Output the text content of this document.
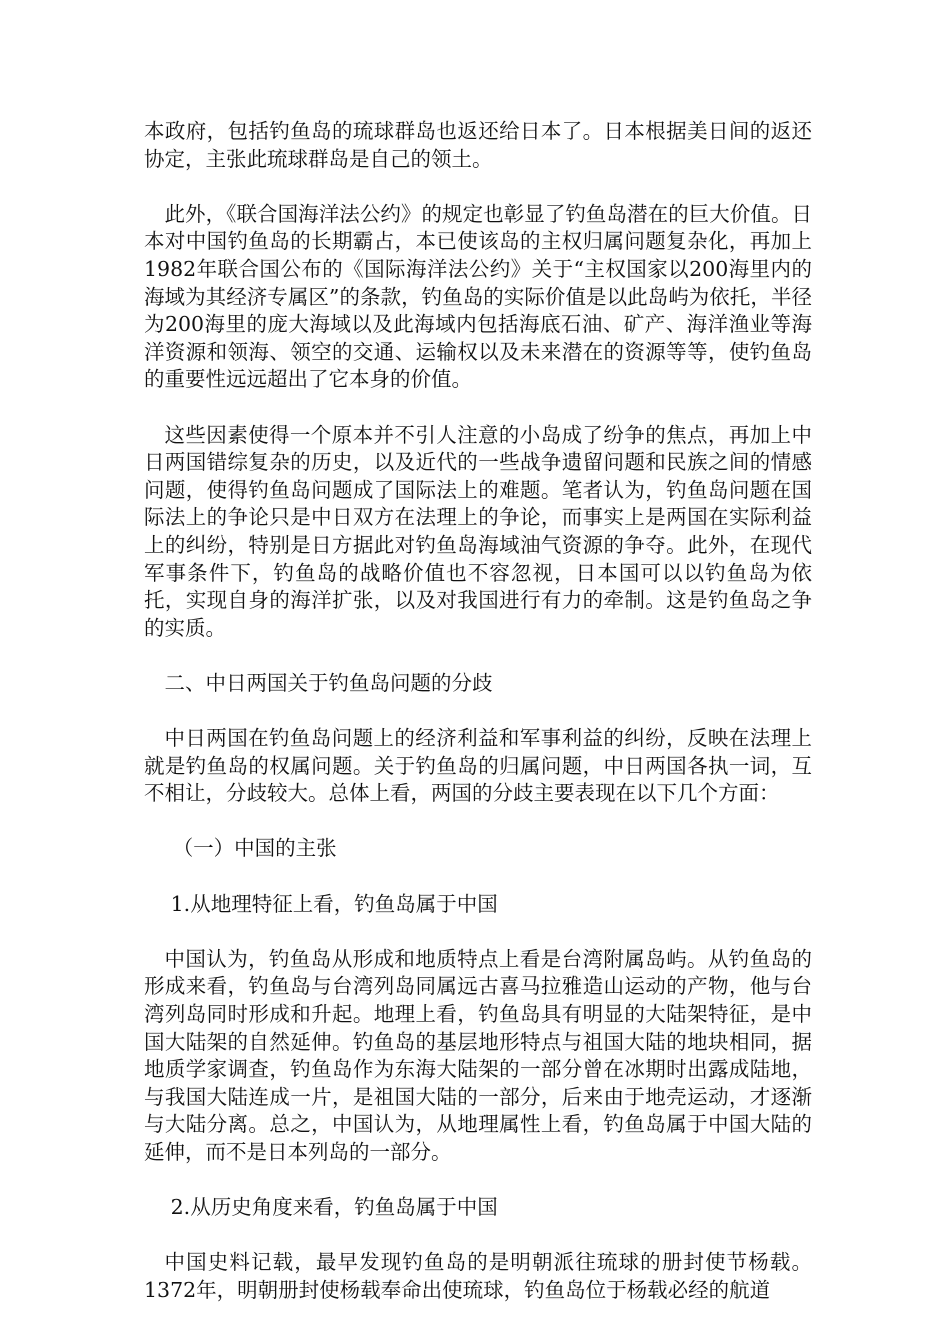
本政府，包括钓鱼岛的琉球群岛也返还给日本了。日本根据美日间的返还协定，主张此琉球群岛是自己的领土。

此外，《联合国海洋法公约》的规定也彰显了钓鱼岛潜在的巨大价值。日本对中国钓鱼岛的长期霸占，本已使该岛的主权归属问题复杂化，再加上1982年联合国公布的《国际海洋法公约》关于“主权国家以200海里内的海域为其经济专属区”的条款，钓鱼岛的实际价值是以此岛屿为依托，半径为200海里的庞大海域以及此海域内包括海底石油、矿产、海洋渔业等海洋资源和领海、领空的交通、运输权以及未来潜在的资源等等，使钓鱼岛的重要性远远超出了它本身的价值。

这些因素使得一个原本并不引人注意的小岛成了纷争的焦点，再加上中日两国错综复杂的历史，以及近代的一些战争遗留问题和民族之间的情感问题，使得钓鱼岛问题成了国际法上的难题。笔者认为，钓鱼岛问题在国际法上的争论只是中日双方在法理上的争论，而事实上是两国在实际利益上的纠纷，特别是日方据此对钓鱼岛海域油气资源的争夺。此外，在现代军事条件下，钓鱼岛的战略价值也不容忽视，日本国可以以钓鱼岛为依托，实现自身的海洋扩张，以及对我国进行有力的牵制。这是钓鱼岛之争的实质。

二、中日两国关于钓鱼岛问题的分歧

中日两国在钓鱼岛问题上的经济利益和军事利益的纠纷，反映在法理上就是钓鱼岛的权属问题。关于钓鱼岛的归属问题，中日两国各执一词，互不相让，分歧较大。总体上看，两国的分歧主要表现在以下几个方面：

（一）中国的主张

1.从地理特征上看，钓鱼岛属于中国

中国认为，钓鱼岛从形成和地质特点上看是台湾附属岛屿。从钓鱼岛的形成来看，钓鱼岛与台湾列岛同属远古喜马拉雅造山运动的产物，他与台湾列岛同时形成和升起。地理上看，钓鱼岛具有明显的大陆架特征，是中国大陆架的自然延伸。钓鱼岛的基层地形特点与祖国大陆的地块相同，据地质学家调查，钓鱼岛作为东海大陆架的一部分曾在冰期时出露成陆地，与我国大陆连成一片，是祖国大陆的一部分，后来由于地壳运动，才逐渐与大陆分离。总之，中国认为，从地理属性上看，钓鱼岛属于中国大陆的延伸，而不是日本列岛的一部分。

2.从历史角度来看，钓鱼岛属于中国

中国史料记载，最早发现钓鱼岛的是明朝派往琉球的册封使节杨载。1372年，明朝册封使杨载奉命出使琉球，钓鱼岛位于杨载必经的航道
